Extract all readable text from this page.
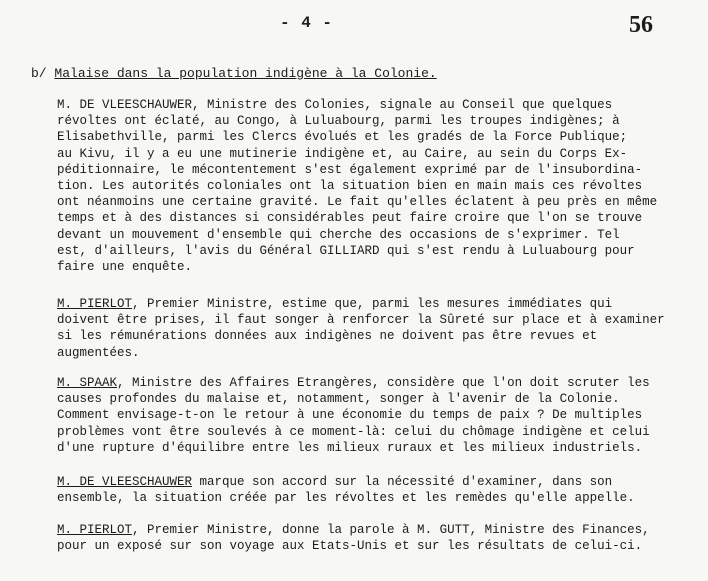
- 4 -	56
b/ Malaise dans la population indigène à la Colonie.
M. DE VLEESCHAUWER, Ministre des Colonies, signale au Conseil que quelques
révoltes ont éclaté, au Congo, à Luluabourg, parmi les troupes indigènes; à
Elisabethville, parmi les Clercs évolués et les gradés de la Force Publique;
au Kivu, il y a eu une mutinerie indigène et, au Caire, au sein du Corps Ex-
péditionnaire, le mécontentement s'est également exprimé par de l'insubordina-
tion. Les autorités coloniales ont la situation bien en main mais ces révoltes
ont néanmoins une certaine gravité. Le fait qu'elles éclatent à peu près en même
temps et à des distances si considérables peut faire croire que l'on se trouve
devant un mouvement d'ensemble qui cherche des occasions de s'exprimer. Tel
est, d'ailleurs, l'avis du Général GILLIARD qui s'est rendu à Luluabourg pour
faire une enquête.
M. PIERLOT, Premier Ministre, estime que, parmi les mesures immédiates qui
doivent être prises, il faut songer à renforcer la Sûreté sur place et à examiner
si les rémunérations données aux indigènes ne doivent pas être revues et
augmentées.
M. SPAAK, Ministre des Affaires Etrangères, considère que l'on doit scruter les
causes profondes du malaise et, notamment, songer à l'avenir de la Colonie.
Comment envisage-t-on le retour à une économie du temps de paix ? De multiples
problèmes vont être soulevés à ce moment-là: celui du chômage indigène et celui
d'une rupture d'équilibre entre les milieux ruraux et les milieux industriels.
M. DE VLEESCHAUWER marque son accord sur la nécessité d'examiner, dans son
ensemble, la situation créée par les révoltes et les remèdes qu'elle appelle.
M. PIERLOT, Premier Ministre, donne la parole à M. GUTT, Ministre des Finances,
pour un exposé sur son voyage aux Etats-Unis et sur les résultats de celui-ci.
